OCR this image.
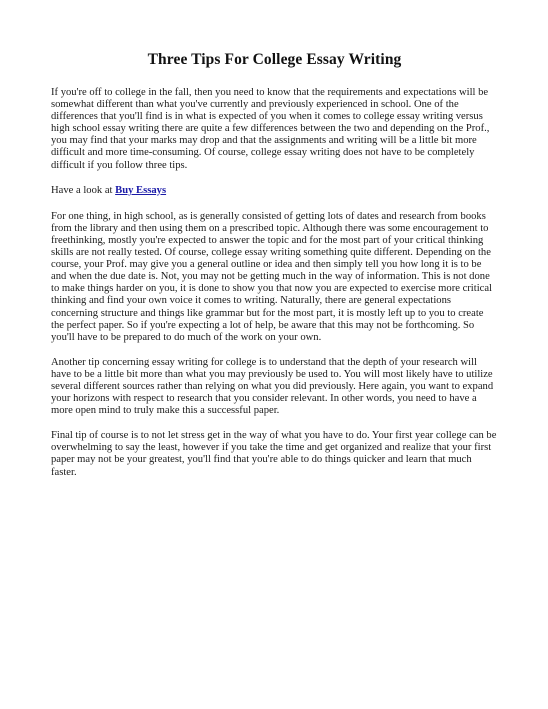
Three Tips For College Essay Writing

If you're off to college in the fall, then you need to know that the requirements and expectations will be somewhat different than what you've currently and previously experienced in school. One of the differences that you'll find is in what is expected of you when it comes to college essay writing versus high school essay writing there are quite a few differences between the two and depending on the Prof., you may find that your marks may drop and that the assignments and writing will be a little bit more difficult and more time-consuming. Of course, college essay writing does not have to be completely difficult if you follow three tips.

Have a look at Buy Essays

For one thing, in high school, as is generally consisted of getting lots of dates and research from books from the library and then using them on a prescribed topic. Although there was some encouragement to freethinking, mostly you're expected to answer the topic and for the most part of your critical thinking skills are not really tested. Of course, college essay writing something quite different. Depending on the course, your Prof. may give you a general outline or idea and then simply tell you how long it is to be and when the due date is. Not, you may not be getting much in the way of information. This is not done to make things harder on you, it is done to show you that now you are expected to exercise more critical thinking and find your own voice it comes to writing. Naturally, there are general expectations concerning structure and things like grammar but for the most part, it is mostly left up to you to create the perfect paper. So if you're expecting a lot of help, be aware that this may not be forthcoming. So you'll have to be prepared to do much of the work on your own.

Another tip concerning essay writing for college is to understand that the depth of your research will have to be a little bit more than what you may previously be used to. You will most likely have to utilize several different sources rather than relying on what you did previously. Here again, you want to expand your horizons with respect to research that you consider relevant. In other words, you need to have a more open mind to truly make this a successful paper.

Final tip of course is to not let stress get in the way of what you have to do. Your first year college can be overwhelming to say the least, however if you take the time and get organized and realize that your first paper may not be your greatest, you'll find that you're able to do things quicker and learn that much faster.
